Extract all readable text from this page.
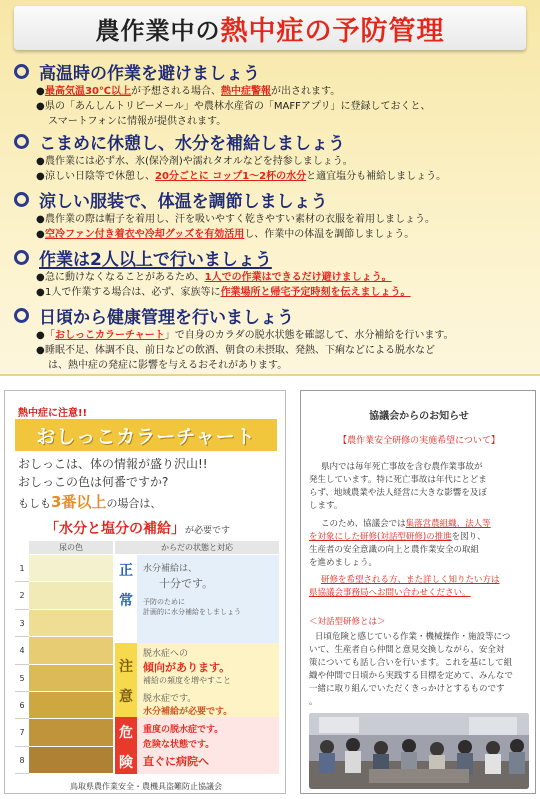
農作業中の 熱中症の予防管理
高温時の作業を避けましょう
●最高気温30℃以上が予想される場合、熱中症警報が出されます。
●県の「あんしんトリピーメール」や農林水産省の「MAFFアプリ」に登録しておくと、
スマートフォンに情報が提供されます。
こまめに休憩し、水分を補給しましょう
●農作業には必ず水、氷(保冷剤)や濡れタオルなどを持参しましょう。
●涼しい日陰等で休憩し、20分ごとに コップ1～2杯の水分と適宜塩分も補給しましょう。
涼しい服装で、体温を調節しましょう
●農作業の際は帽子を着用し、汗を吸いやすく乾きやすい素材の衣服を着用しましょう。
●空冷ファン付き着衣や冷却グッズを有効活用し、作業中の体温を調節しましょう。
作業は2人以上で行いましょう
●急に動けなくなることがあるため、1人での作業はできるだけ避けましょう。
●1人で作業する場合は、必ず、家族等に作業場所と帰宅予定時刻を伝えましょう。
日頃から健康管理を行いましょう
●「おしっこカラーチャート」で自身のカラダの脱水状態を確認して、水分補給を行います。
●睡眠不足、体調不良、前日などの飲酒、朝食の未摂取、発熱、下痢などによる脱水など
は、熱中症の発症に影響を与えるおそれがあります。
熱中症に注意!!
おしっこカラーチャート
おしっこは、体の情報が盛り沢山!!
おしっこの色は何番ですか?
もしも3番以上の場合は、
「水分と塩分の補給」が必要です
尿の色	からだの状態と対応
1
2
3
4
5
6
7
8
正
常
注
意
危
険
水分補給は、
十分です。
予防のために
計画的に水分補給をしましょう
脱水症への
傾向があります。
補給の頻度を増やすこと
脱水症です。
水分補給が必要です。
重度の脱水症です。
危険な状態です。
直ぐに病院へ
鳥取県農作業安全・農機具盗難防止協議会
協議会からのお知らせ
【農作業安全研修の実施希望について】
県内では毎年死亡事故を含む農作業事故が
発生しています。特に死亡事故は年代にとどま
らず、地域農業や法人経営に大きな影響を及ぼ
します。
このため、協議会では集落営農組織、法人等
を対象にした研修(対話型研修)の推進を図り、
生産者の安全意識の向上と農作業安全の取組
を進めましょう。
研修を希望される方、また詳しく知りたい方は
県協議会事務局へお問い合わせください。
＜対話型研修とは＞
日頃危険と感じている作業・機械操作・施設等につ
いて、生産者自ら仲間と意見交換しながら、安全対
策についても話し合いを行います。これを基にして組
織や仲間で日頃から実践する目標を定めて、みんなで
一緒に取り組んでいただくきっかけとするものです
。
